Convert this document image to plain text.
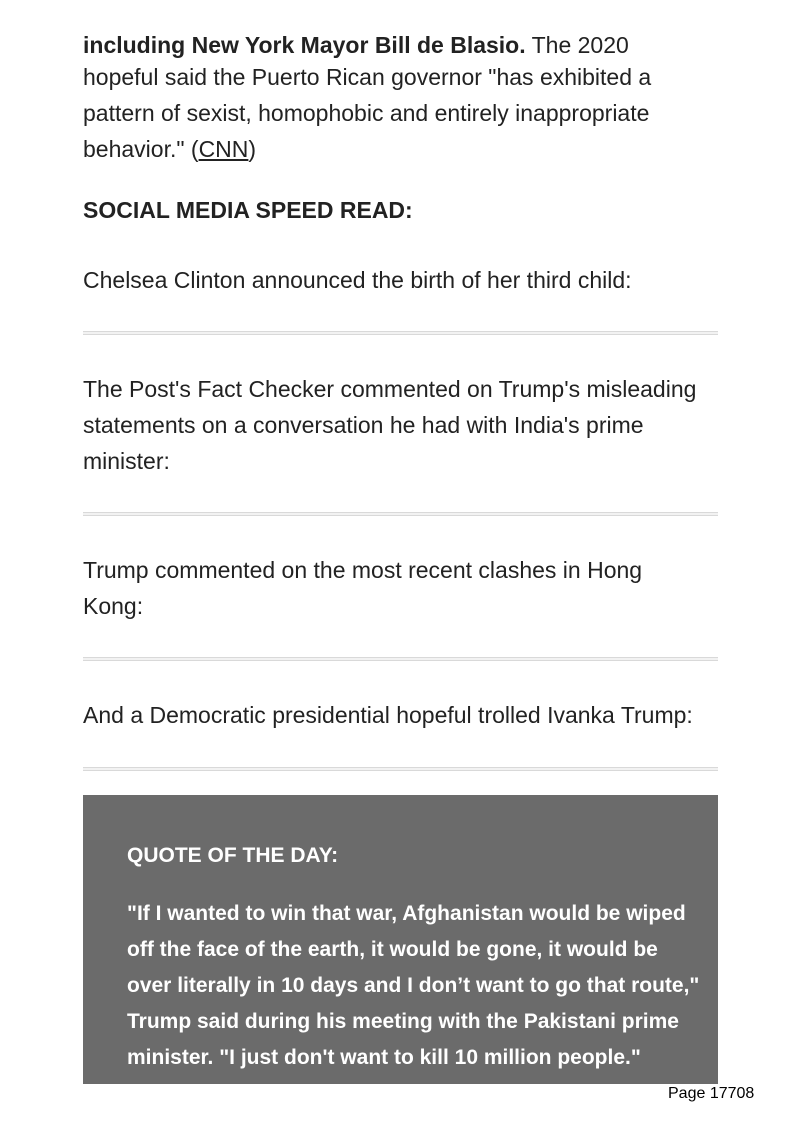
including New York Mayor Bill de Blasio. The 2020

hopeful said the Puerto Rican governor "has exhibited a pattern of sexist, homophobic and entirely inappropriate behavior." (CNN)

SOCIAL MEDIA SPEED READ:

Chelsea Clinton announced the birth of her third child:

The Post's Fact Checker commented on Trump's misleading statements on a conversation he had with India's prime minister:

Trump commented on the most recent clashes in Hong Kong:

And a Democratic presidential hopeful trolled Ivanka Trump:

QUOTE OF THE DAY:

"If I wanted to win that war, Afghanistan would be wiped off the face of the earth, it would be gone, it would be over literally in 10 days and I don’t want to go that route," Trump said during his meeting with the Pakistani prime minister. "I just don't want to kill 10 million people." (Lauren Gambino and the Guardian)	Page 17708
